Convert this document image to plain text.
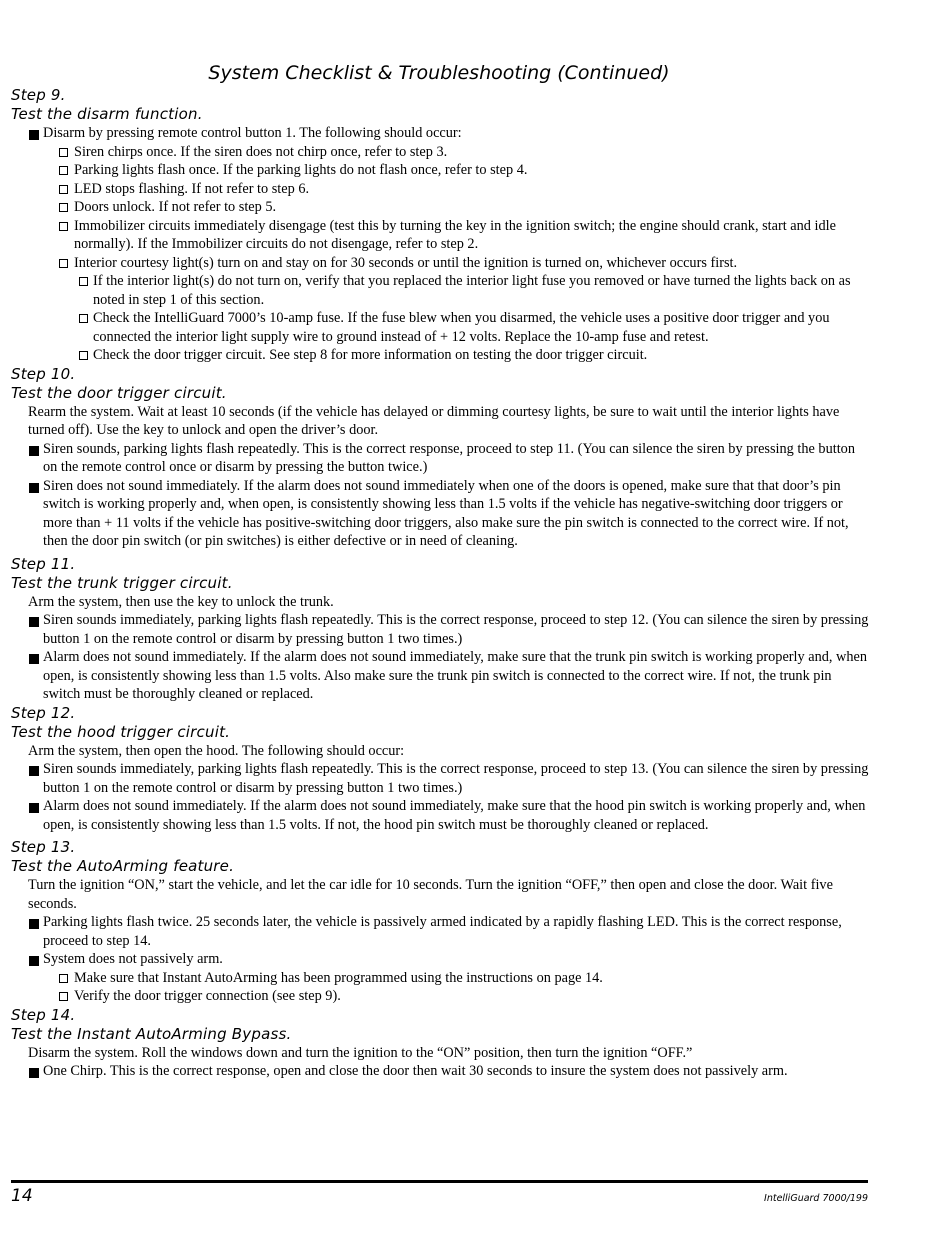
System Checklist & Troubleshooting (Continued)
Step 9.
Test the disarm function.
Disarm by pressing remote control button 1. The following should occur:
Siren chirps once. If the siren does not chirp once, refer to step 3.
Parking lights flash once. If the parking lights do not flash once, refer to step 4.
LED stops flashing. If not refer to step 6.
Doors unlock. If not refer to step 5.
Immobilizer circuits immediately disengage (test this by turning the key in the ignition switch; the engine should crank, start and idle normally). If the Immobilizer circuits do not disengage, refer to step 2.
Interior courtesy light(s) turn on and stay on for 30 seconds or until the ignition is turned on, whichever occurs first.
If the interior light(s) do not turn on, verify that you replaced the interior light fuse you removed or have turned the lights back on as noted in step 1 of this section.
Check the IntelliGuard 7000’s 10-amp fuse. If the fuse blew when you disarmed, the vehicle uses a positive door trigger and you connected the interior light supply wire to ground instead of + 12 volts. Replace the 10-amp fuse and retest.
Check the door trigger circuit. See step 8 for more information on testing the door trigger circuit.
Step 10.
Test the door trigger circuit.
Rearm the system. Wait at least 10 seconds (if the vehicle has delayed or dimming courtesy lights, be sure to wait until the interior lights have turned off). Use the key to unlock and open the driver’s door.
Siren sounds, parking lights flash repeatedly. This is the correct response, proceed to step 11. (You can silence the siren by pressing the button on the remote control once or disarm by pressing the button twice.)
Siren does not sound immediately. If the alarm does not sound immediately when one of the doors is opened, make sure that that door’s pin switch is working properly and, when open, is consistently showing less than 1.5 volts if the vehicle has negative-switching door triggers or more than + 11 volts if the vehicle has positive-switching door triggers, also make sure the pin switch is connected to the correct wire. If not, then the door pin switch (or pin switches) is either defective or in need of cleaning.
Step 11.
Test the trunk trigger circuit.
Arm the system, then use the key to unlock the trunk.
Siren sounds immediately, parking lights flash repeatedly. This is the correct response, proceed to step 12. (You can silence the siren by pressing button 1 on the remote control or disarm by pressing button 1 two times.)
Alarm does not sound immediately. If the alarm does not sound immediately, make sure that the trunk pin switch is working properly and, when open, is consistently showing less than 1.5 volts. Also make sure the trunk pin switch is connected to the correct wire. If not, the trunk pin switch must be thoroughly cleaned or replaced.
Step 12.
Test the hood trigger circuit.
Arm the system, then open the hood. The following should occur:
Siren sounds immediately, parking lights flash repeatedly. This is the correct response, proceed to step 13. (You can silence the siren by pressing button 1 on the remote control or disarm by pressing button 1 two times.)
Alarm does not sound immediately. If the alarm does not sound immediately, make sure that the hood pin switch is working properly and, when open, is consistently showing less than 1.5 volts. If not, the hood pin switch must be thoroughly cleaned or replaced.
Step 13.
Test the AutoArming feature.
Turn the ignition “ON,” start the vehicle, and let the car idle for 10 seconds. Turn the ignition “OFF,” then open and close the door. Wait five seconds.
Parking lights flash twice. 25 seconds later, the vehicle is passively armed indicated by a rapidly flashing LED. This is the correct response, proceed to step 14.
System does not passively arm.
Make sure that Instant AutoArming has been programmed using the instructions on page 14.
Verify the door trigger connection (see step 9).
Step 14.
Test the Instant AutoArming Bypass.
Disarm the system. Roll the windows down and turn the ignition to the “ON” position, then turn the ignition “OFF.”
One Chirp. This is the correct response, open and close the door then wait 30 seconds to insure the system does not passively arm.
14	IntelliGuard 7000/199
